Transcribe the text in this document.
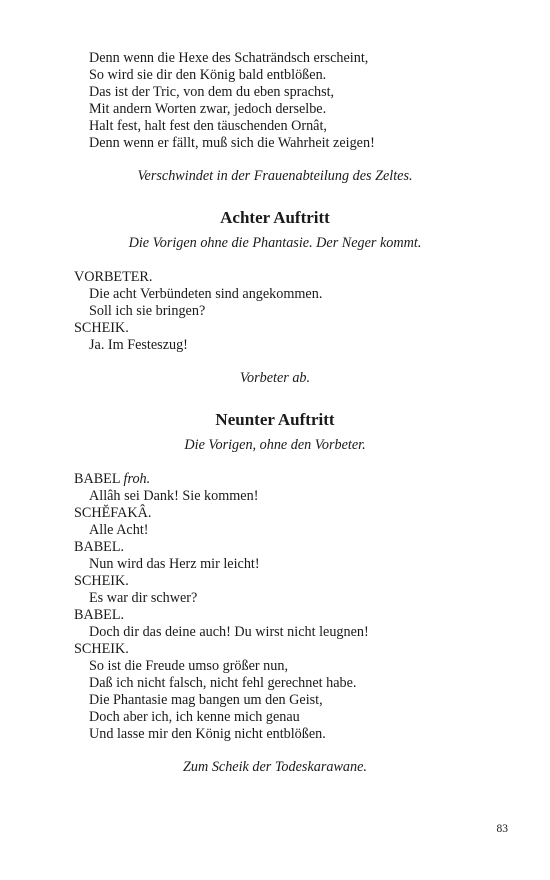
Denn wenn die Hexe des Schaträndsch erscheint,
So wird sie dir den König bald entblößen.
Das ist der Tric, von dem du eben sprachst,
Mit andern Worten zwar, jedoch derselbe.
Halt fest, halt fest den täuschenden Ornât,
Denn wenn er fällt, muß sich die Wahrheit zeigen!
Verschwindet in der Frauenabteilung des Zeltes.
Achter Auftritt
Die Vorigen ohne die Phantasie. Der Neger kommt.
VORBETER.
Die acht Verbündeten sind angekommen.
Soll ich sie bringen?
SCHEIK.
Ja. Im Festeszug!
Vorbeter ab.
Neunter Auftritt
Die Vorigen, ohne den Vorbeter.
BABEL froh.
Allâh sei Dank! Sie kommen!
SCHĔFAKÂ.
Alle Acht!
BABEL.
Nun wird das Herz mir leicht!
SCHEIK.
Es war dir schwer?
BABEL.
Doch dir das deine auch! Du wirst nicht leugnen!
SCHEIK.
So ist die Freude umso größer nun,
Daß ich nicht falsch, nicht fehl gerechnet habe.
Die Phantasie mag bangen um den Geist,
Doch aber ich, ich kenne mich genau
Und lasse mir den König nicht entblößen.
Zum Scheik der Todeskarawane.
83
